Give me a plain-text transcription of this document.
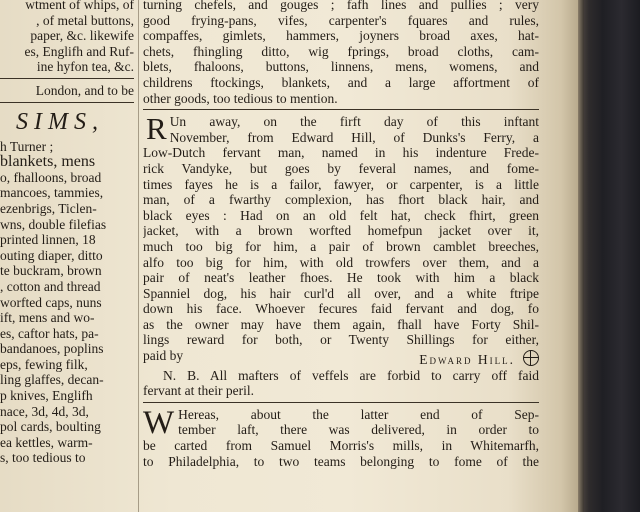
wtment of whips, of
, of metal buttons,
paper, &c. likewife
es, Englifh and Ruf-
ine hyfon tea, &c.
London, and to be
SIMS,
h Turner ;
blankets, mens
o, fhalloons, broad
mancoes, tammies,
ezenbrigs, Ticlen-
wns, double filefias
printed linnen, 18
outing diaper, ditto
te buckram, brown
, cotton and thread
worfted caps, nuns
ift, mens and wo-
es, caftor hats, pa-
bandanoes, poplins
eps, fewing filk,
ling glaffes, decan-
p knives, Englifh
nace, 3d, 4d, 3d,
pol cards, boulting
ea kettles, warm-
s, too tedious to
turning chefels, and gouges ; fafh lines and pullies ; very
good frying-pans, vifes, carpenter's fquares and rules,
compaffes, gimlets, hammers, joyners broad axes, hat-
chets, fhingling ditto, wig fprings, broad cloths, cam-
blets, fhaloons, buttons, linnens, mens, womens, and
childrens ftockings, blankets, and a large affortment of
other goods, too tedious to mention.
R Un away, on the firft day of this inftant
November, from Edward Hill, of Dunks's Ferry, a
Low-Dutch fervant man, named in his indenture Frede-
rick Vandyke, but goes by feveral names, and fome-
times fayes he is a failor, fawyer, or carpenter, is a little
man, of a fwarthy complexion, has fhort black hair, and
black eyes : Had on an old felt hat, check fhirt, green
jacket, with a brown worfted homefpun jacket over it,
much too big for him, a pair of brown camblet breeches,
alfo too big for him, with old trowfers over them, and a
pair of neat's leather fhoes. He took with him a black
Spanniel dog, his hair curl'd all over, and a white ftripe
down his face. Whoever fecures faid fervant and dog, fo
as the owner may have them again, fhall have Forty Shil-
lings reward for both, or Twenty Shillings for either,
paid by	Edward Hill.
N. B. All mafters of veffels are forbid to carry off faid
fervant at their peril.
W Hereas, about the latter end of Sep-
tember laft, there was delivered, in order to
be carted from Samuel Morris's mills, in Whitemarfh,
to Philadelphia, to two teams belonging to fome of the
